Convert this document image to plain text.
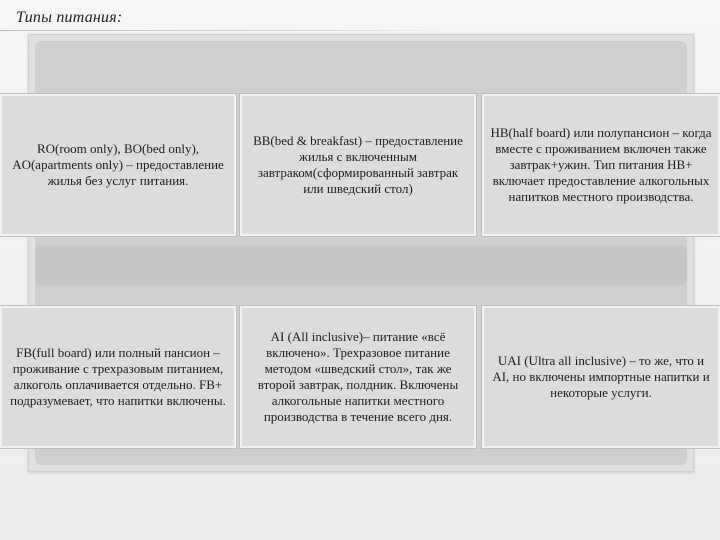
Типы питания:
RO(room only), BO(bed only), AO(apartments only) – предоставление жилья без услуг питания.
BB(bed & breakfast) – предоставление жилья с включенным завтраком(сформированный завтрак или шведский стол)
HB(half board) или полупансион – когда вместе с проживанием включен также завтрак+ужин. Тип питания HB+ включает предоставление алкогольных напитков местного производства.
FB(full board) или полный пансион – проживание с трехразовым питанием, алкоголь оплачивается отдельно. FB+ подразумевает, что напитки включены.
AI (All inclusive)– питание «всё включено». Трехразовое питание методом «шведский стол», так же второй завтрак, полдник. Включены алкогольные напитки местного производства в течение всего дня.
UAI (Ultra all inclusive) – то же, что и AI, но включены импортные напитки и некоторые услуги.
